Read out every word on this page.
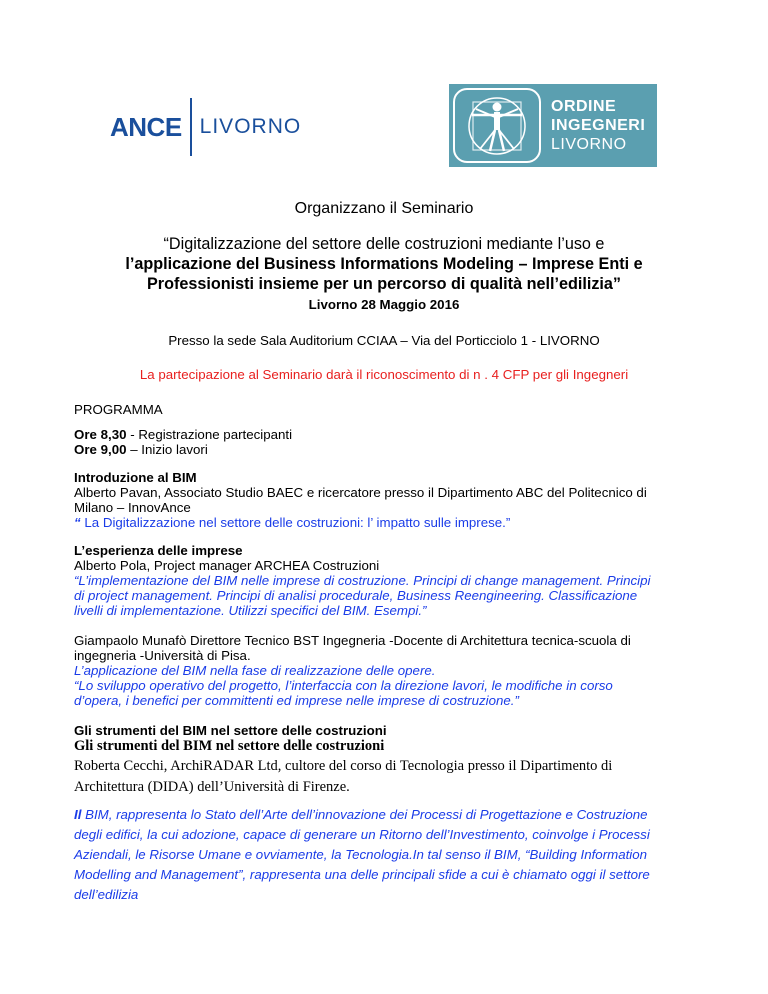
ANCE LIVORNO
ORDINE
INGEGNERI
LIVORNO
Organizzano il Seminario
“Digitalizzazione del settore delle costruzioni mediante l’uso e
l’applicazione del Business Informations Modeling – Imprese Enti e
Professionisti insieme per un percorso di qualità nell’edilizia”
Livorno 28 Maggio 2016
Presso la sede Sala Auditorium CCIAA – Via del Porticciolo 1 - LIVORNO
La partecipazione al Seminario darà il riconoscimento di n . 4 CFP per gli Ingegneri
PROGRAMMA
Ore 8,30 - Registrazione partecipanti
Ore 9,00 – Inizio lavori
Introduzione al BIM
Alberto Pavan, Associato Studio BAEC e ricercatore presso il Dipartimento ABC del Politecnico di
Milano – InnovAnce
“ La Digitalizzazione nel settore delle costruzioni: l’ impatto sulle imprese.”
L’esperienza delle imprese
Alberto Pola, Project manager ARCHEA Costruzioni
“L’implementazione del BIM nelle imprese di costruzione. Principi di change management. Principi
di project management. Principi di analisi procedurale, Business Reengineering. Classificazione
livelli di implementazione. Utilizzi specifici del BIM. Esempi.”
Giampaolo Munafò Direttore Tecnico BST Ingegneria -Docente di Architettura tecnica-scuola di
ingegneria -Università di Pisa.
L’applicazione del BIM nella fase di realizzazione delle opere.
“Lo sviluppo operativo del progetto, l’interfaccia con la direzione lavori, le modifiche in corso
d’opera, i benefici per committenti ed imprese nelle imprese di costruzione.”
Gli strumenti del BIM nel settore delle costruzioni
Gli strumenti del BIM nel settore delle costruzioni
Roberta Cecchi, ArchiRADAR Ltd, cultore del corso di Tecnologia presso il Dipartimento di
Architettura (DIDA) dell’Università di Firenze.
Il BIM, rappresenta lo Stato dell’Arte dell’innovazione dei Processi di Progettazione e Costruzione
degli edifici, la cui adozione, capace di generare un Ritorno dell’Investimento, coinvolge i Processi
Aziendali, le Risorse Umane e ovviamente, la Tecnologia.In tal senso il BIM, “Building Information
Modelling and Management”, rappresenta una delle principali sfide a cui è chiamato oggi il settore
dell’edilizia
